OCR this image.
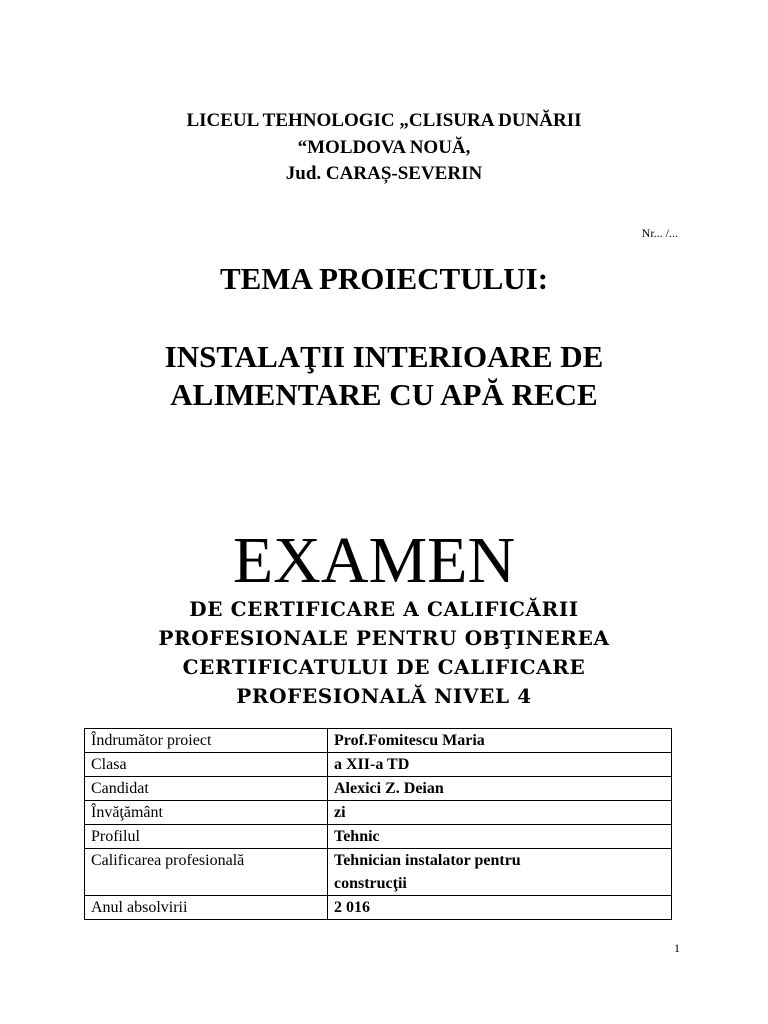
LICEUL TEHNOLOGIC „CLISURA DUNĂRII
“MOLDOVA NOUĂ,
Jud. CARAȘ-SEVERIN
Nr... /...
TEMA PROIECTULUI:
INSTALAŢII INTERIOARE DE
ALIMENTARE CU APĂ RECE
EXAMEN
DE CERTIFICARE A CALIFICĂRII
PROFESIONALE PENTRU OBŢINEREA
CERTIFICATULUI DE CALIFICARE
PROFESIONALĂ NIVEL 4
Îndrumător proiect	Prof.Fomitescu Maria
Clasa	a XII-a TD
Candidat	Alexici Z. Deian
Învăţământ	zi
Profilul	Tehnic
Calificarea profesională	Tehnician instalator pentru
construcţii

Anul absolvirii	2 016
1
